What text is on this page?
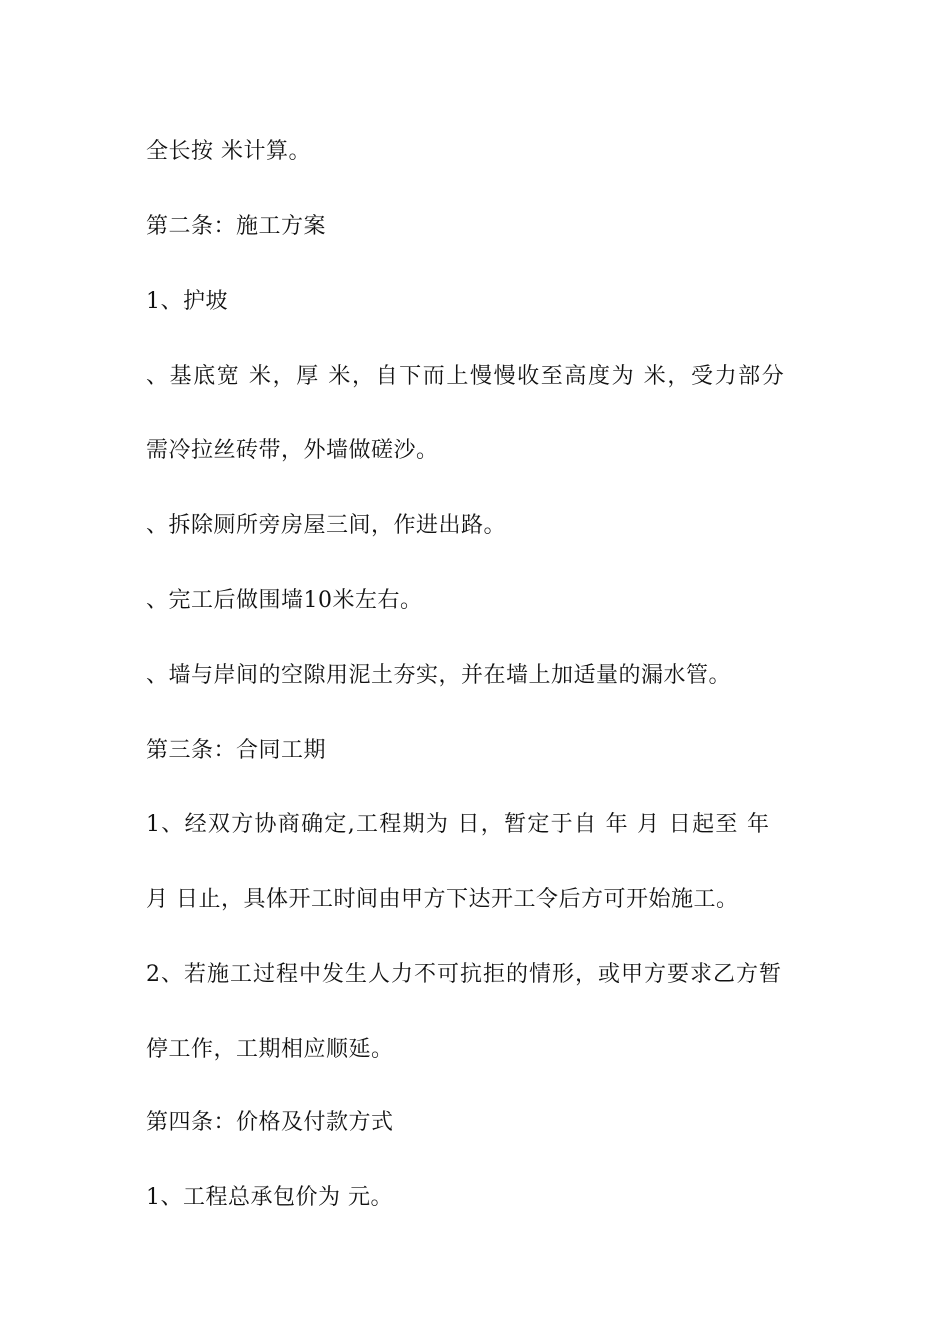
全长按 米计算。
第二条：施工方案
1、护坡
、基底宽 米，厚 米，自下而上慢慢收至高度为 米，受力部分
需冷拉丝砖带，外墙做磋沙。
、拆除厕所旁房屋三间，作进出路。
、完工后做围墙10米左右。
、墙与岸间的空隙用泥土夯实，并在墙上加适量的漏水管。
第三条：合同工期
1、经双方协商确定,工程期为 日，暂定于自 年 月 日起至 年
月 日止，具体开工时间由甲方下达开工令后方可开始施工。
2、若施工过程中发生人力不可抗拒的情形，或甲方要求乙方暂
停工作，工期相应顺延。
第四条：价格及付款方式
1、工程总承包价为 元。
